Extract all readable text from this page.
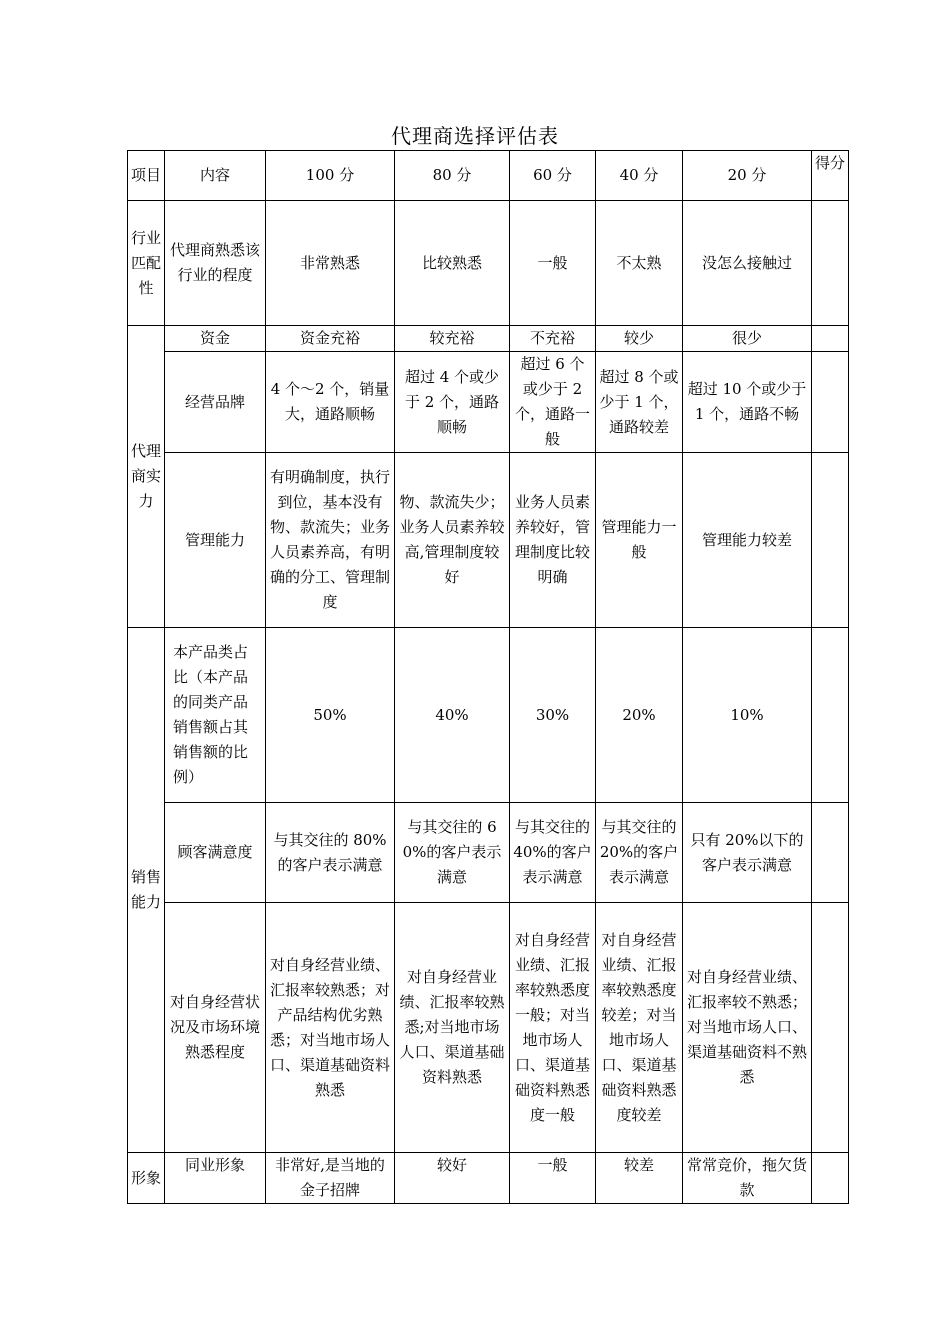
代理商选择评估表
项目	内容	100 分	80 分	60 分	40 分	20 分	得分
行业匹配性	代理商熟悉该行业的程度	非常熟悉	比较熟悉	一般	不太熟	没怎么接触过	
代理商实力	资金	资金充裕	较充裕	不充裕	较少	很少	
	经营品牌	4 个～2 个，销量大，通路顺畅	超过 4 个或少于 2 个，通路顺畅	超过 6 个或少于 2 个，通路一般	超过 8 个或少于 1 个，通路较差	超过 10 个或少于 1 个，通路不畅	
	管理能力	有明确制度，执行到位，基本没有物、款流失；业务人员素养高，有明确的分工、管理制度	物、款流失少；业务人员素养较高,管理制度较好	业务人员素养较好，管理制度比较明确	管理能力一般	管理能力较差	
销售能力	本产品类占比（本产品的同类产品销售额占其销售额的比例）	50%	40%	30%	20%	10%	
	顾客满意度	与其交往的 80%的客户表示满意	与其交往的 60%的客户表示满意	与其交往的 40%的客户表示满意	与其交往的 20%的客户表示满意	只有 20%以下的客户表示满意	
	对自身经营状况及市场环境熟悉程度	对自身经营业绩、汇报率较熟悉；对产品结构优劣熟悉；对当地市场人口、渠道基础资料熟悉	对自身经营业绩、汇报率较熟悉;对当地市场人口、渠道基础资料熟悉	对自身经营业绩、汇报率较熟悉度一般；对当地市场人口、渠道基础资料熟悉度一般	对自身经营业绩、汇报率较熟悉度较差；对当地市场人口、渠道基础资料熟悉度较差	对自身经营业绩、汇报率较不熟悉；对当地市场人口、渠道基础资料不熟悉	
形象	同业形象	非常好,是当地的金子招牌	较好	一般	较差	常常竞价，拖欠货款	
